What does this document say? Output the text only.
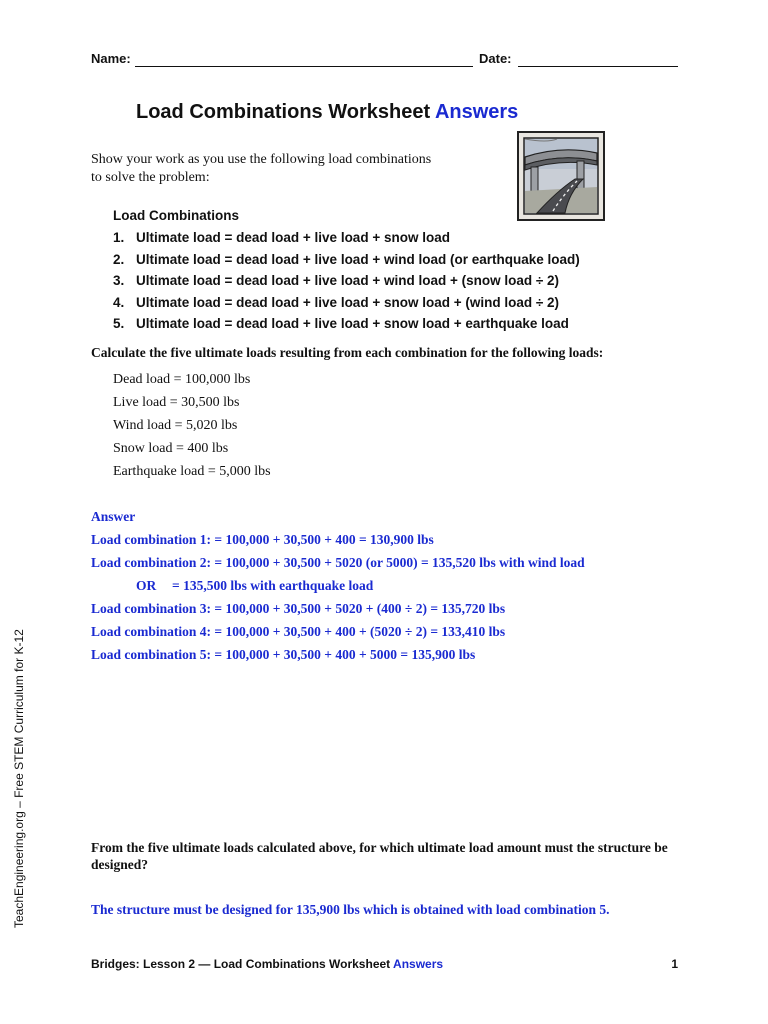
Name:	Date:
Load Combinations Worksheet Answers
Show your work as you use the following load combinations
to solve the problem:
Load Combinations
1. Ultimate load = dead load + live load + snow load
2. Ultimate load = dead load + live load + wind load (or earthquake load)
3. Ultimate load = dead load + live load + wind load + (snow load ÷ 2)
4. Ultimate load = dead load + live load + snow load + (wind load ÷ 2)
5. Ultimate load = dead load + live load + snow load + earthquake load
Calculate the five ultimate loads resulting from each combination for the following loads:
Dead load = 100,000 lbs
Live load = 30,500 lbs
Wind load = 5,020 lbs
Snow load = 400 lbs
Earthquake load = 5,000 lbs
Answer
Load combination 1: = 100,000 + 30,500 + 400 = 130,900 lbs
Load combination 2: = 100,000 + 30,500 + 5020 (or 5000) = 135,520 lbs with wind load
OR = 135,500 lbs with earthquake load
Load combination 3: = 100,000 + 30,500 + 5020 + (400 ÷ 2) = 135,720 lbs
Load combination 4: = 100,000 + 30,500 + 400 + (5020 ÷ 2) = 133,410 lbs
Load combination 5: = 100,000 + 30,500 + 400 + 5000 = 135,900 lbs
From the five ultimate loads calculated above, for which ultimate load amount must the structure be designed?
The structure must be designed for 135,900 lbs which is obtained with load combination 5.
Bridges: Lesson 2 — Load Combinations Worksheet Answers	1
TeachEngineering.org – Free STEM Curriculum for K-12
